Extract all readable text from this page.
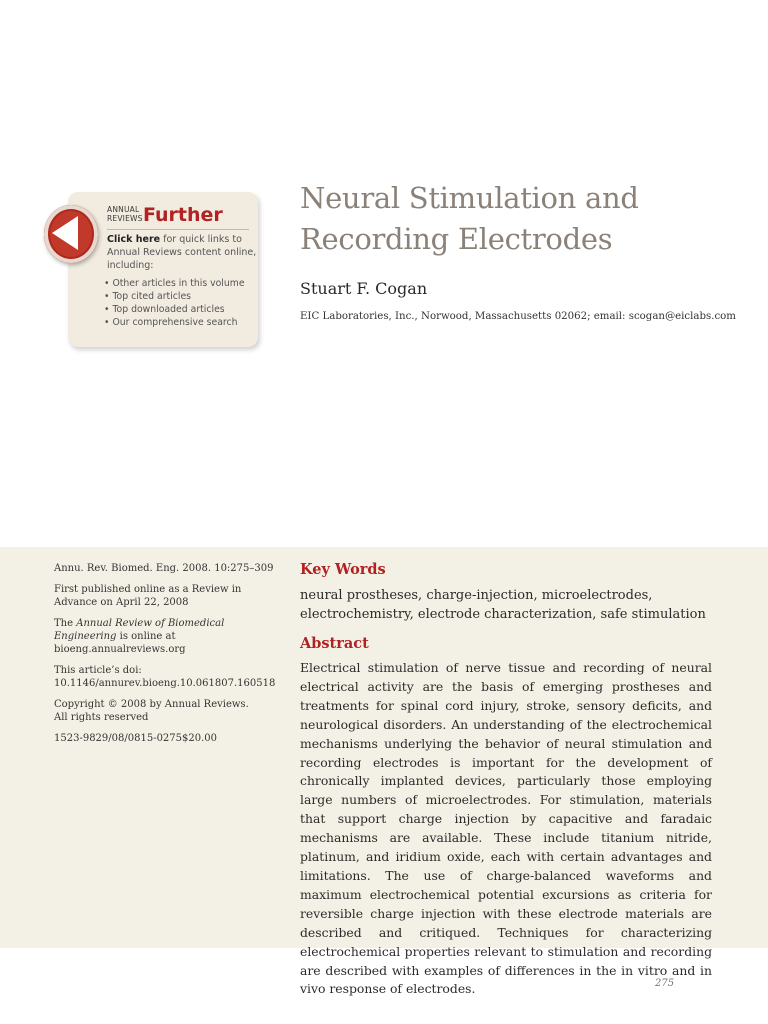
ANNUAL
REVIEWS Further
Click here for quick links to Annual Reviews content online, including:
• Other articles in this volume
• Top cited articles
• Top downloaded articles
• Our comprehensive search
Neural Stimulation and
Recording Electrodes
Stuart F. Cogan
EIC Laboratories, Inc., Norwood, Massachusetts 02062; email: scogan@eiclabs.com

Annu. Rev. Biomed. Eng. 2008. 10:275–309

First published online as a Review in Advance on April 22, 2008

The Annual Review of Biomedical Engineering is online at bioeng.annualreviews.org

This article’s doi:
10.1146/annurev.bioeng.10.061807.160518

Copyright © 2008 by Annual Reviews.
All rights reserved

1523-9829/08/0815-0275$20.00

Key Words
neural prostheses, charge-injection, microelectrodes, electrochemistry, electrode characterization, safe stimulation
Abstract

Electrical stimulation of nerve tissue and recording of neural electrical activity are the basis of emerging prostheses and treatments for spinal cord injury, stroke, sensory deficits, and neurological disorders. An understanding of the electrochemical mechanisms underlying the behavior of neural stimulation and recording electrodes is important for the development of chronically implanted devices, particularly those employing large numbers of microelectrodes. For stimulation, materials that support charge injection by capacitive and faradaic mechanisms are available. These include titanium nitride, platinum, and iridium oxide, each with certain advantages and limitations. The use of charge-balanced waveforms and maximum electrochemical potential excursions as criteria for reversible charge injection with these electrode materials are described and critiqued. Techniques for characterizing electrochemical properties relevant to stimulation and recording are described with examples of differences in the in vitro and in vivo response of electrodes.	275
